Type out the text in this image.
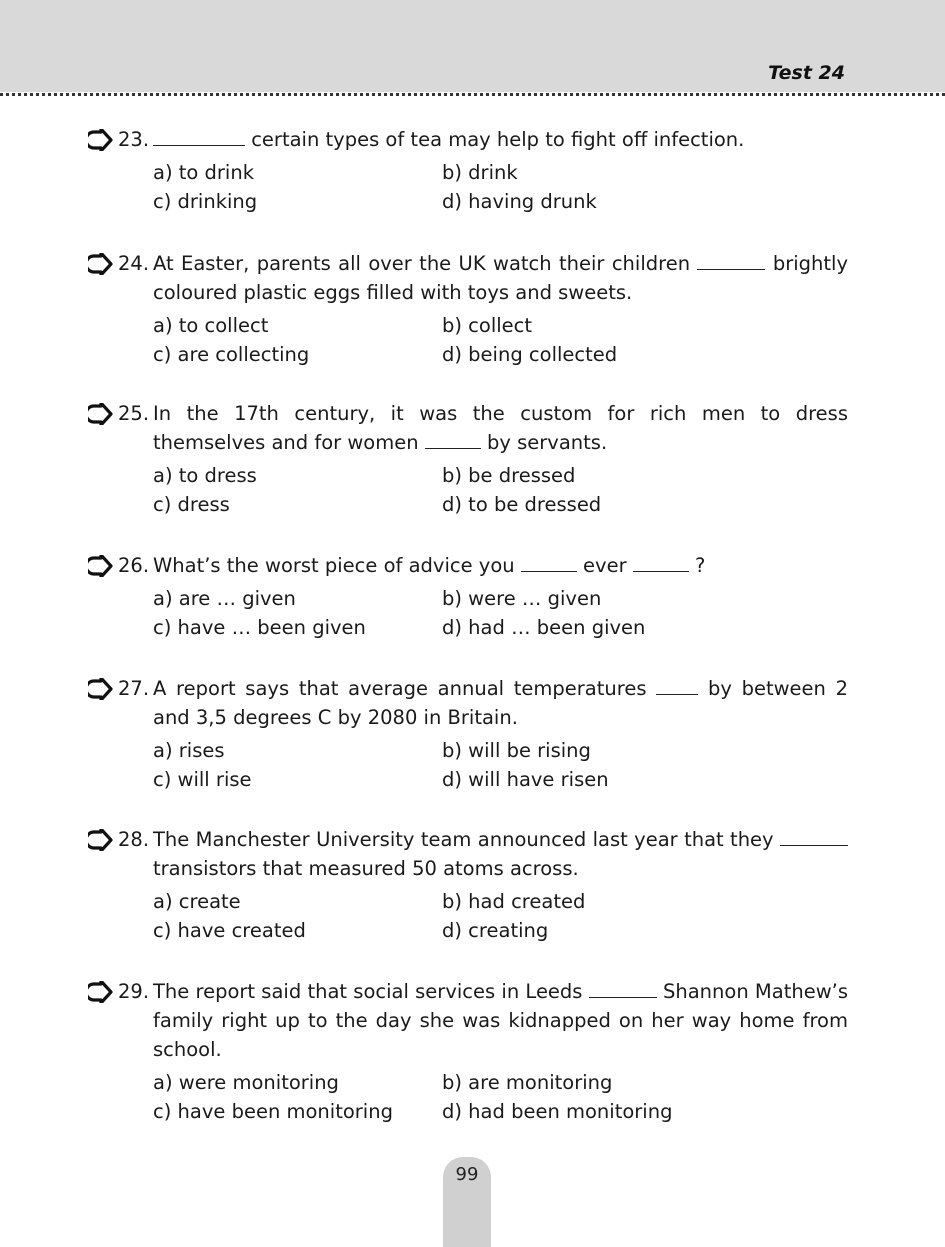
Test 24
23.	certain types of tea may help to fight off infection.
a) to drink	b) drink
c) drinking	d) having drunk
24. At Easter, parents all over the UK watch their children	brightly coloured plastic eggs filled with toys and sweets.
a) to collect	b) collect
c) are collecting	d) being collected
25. In the 17th century, it was the custom for rich men to dress themselves and for women	by servants.
a) to dress	b) be dressed
c) dress	d) to be dressed
26. What’s the worst piece of advice you	ever	?
a) are … given	b) were … given
c) have … been given	d) had … been given
27. A report says that average annual temperatures	by between 2 and 3,5 degrees C by 2080 in Britain.
a) rises	b) will be rising
c) will rise	d) will have risen
28. The Manchester University team announced last year that they  transistors that measured 50 atoms across.
a) create	b) had created
c) have created	d) creating
29. The report said that social services in Leeds	Shannon Mathew’s family right up to the day she was kidnapped on her way home from school.
a) were monitoring	b) are monitoring
c) have been monitoring	d) had been monitoring
99
